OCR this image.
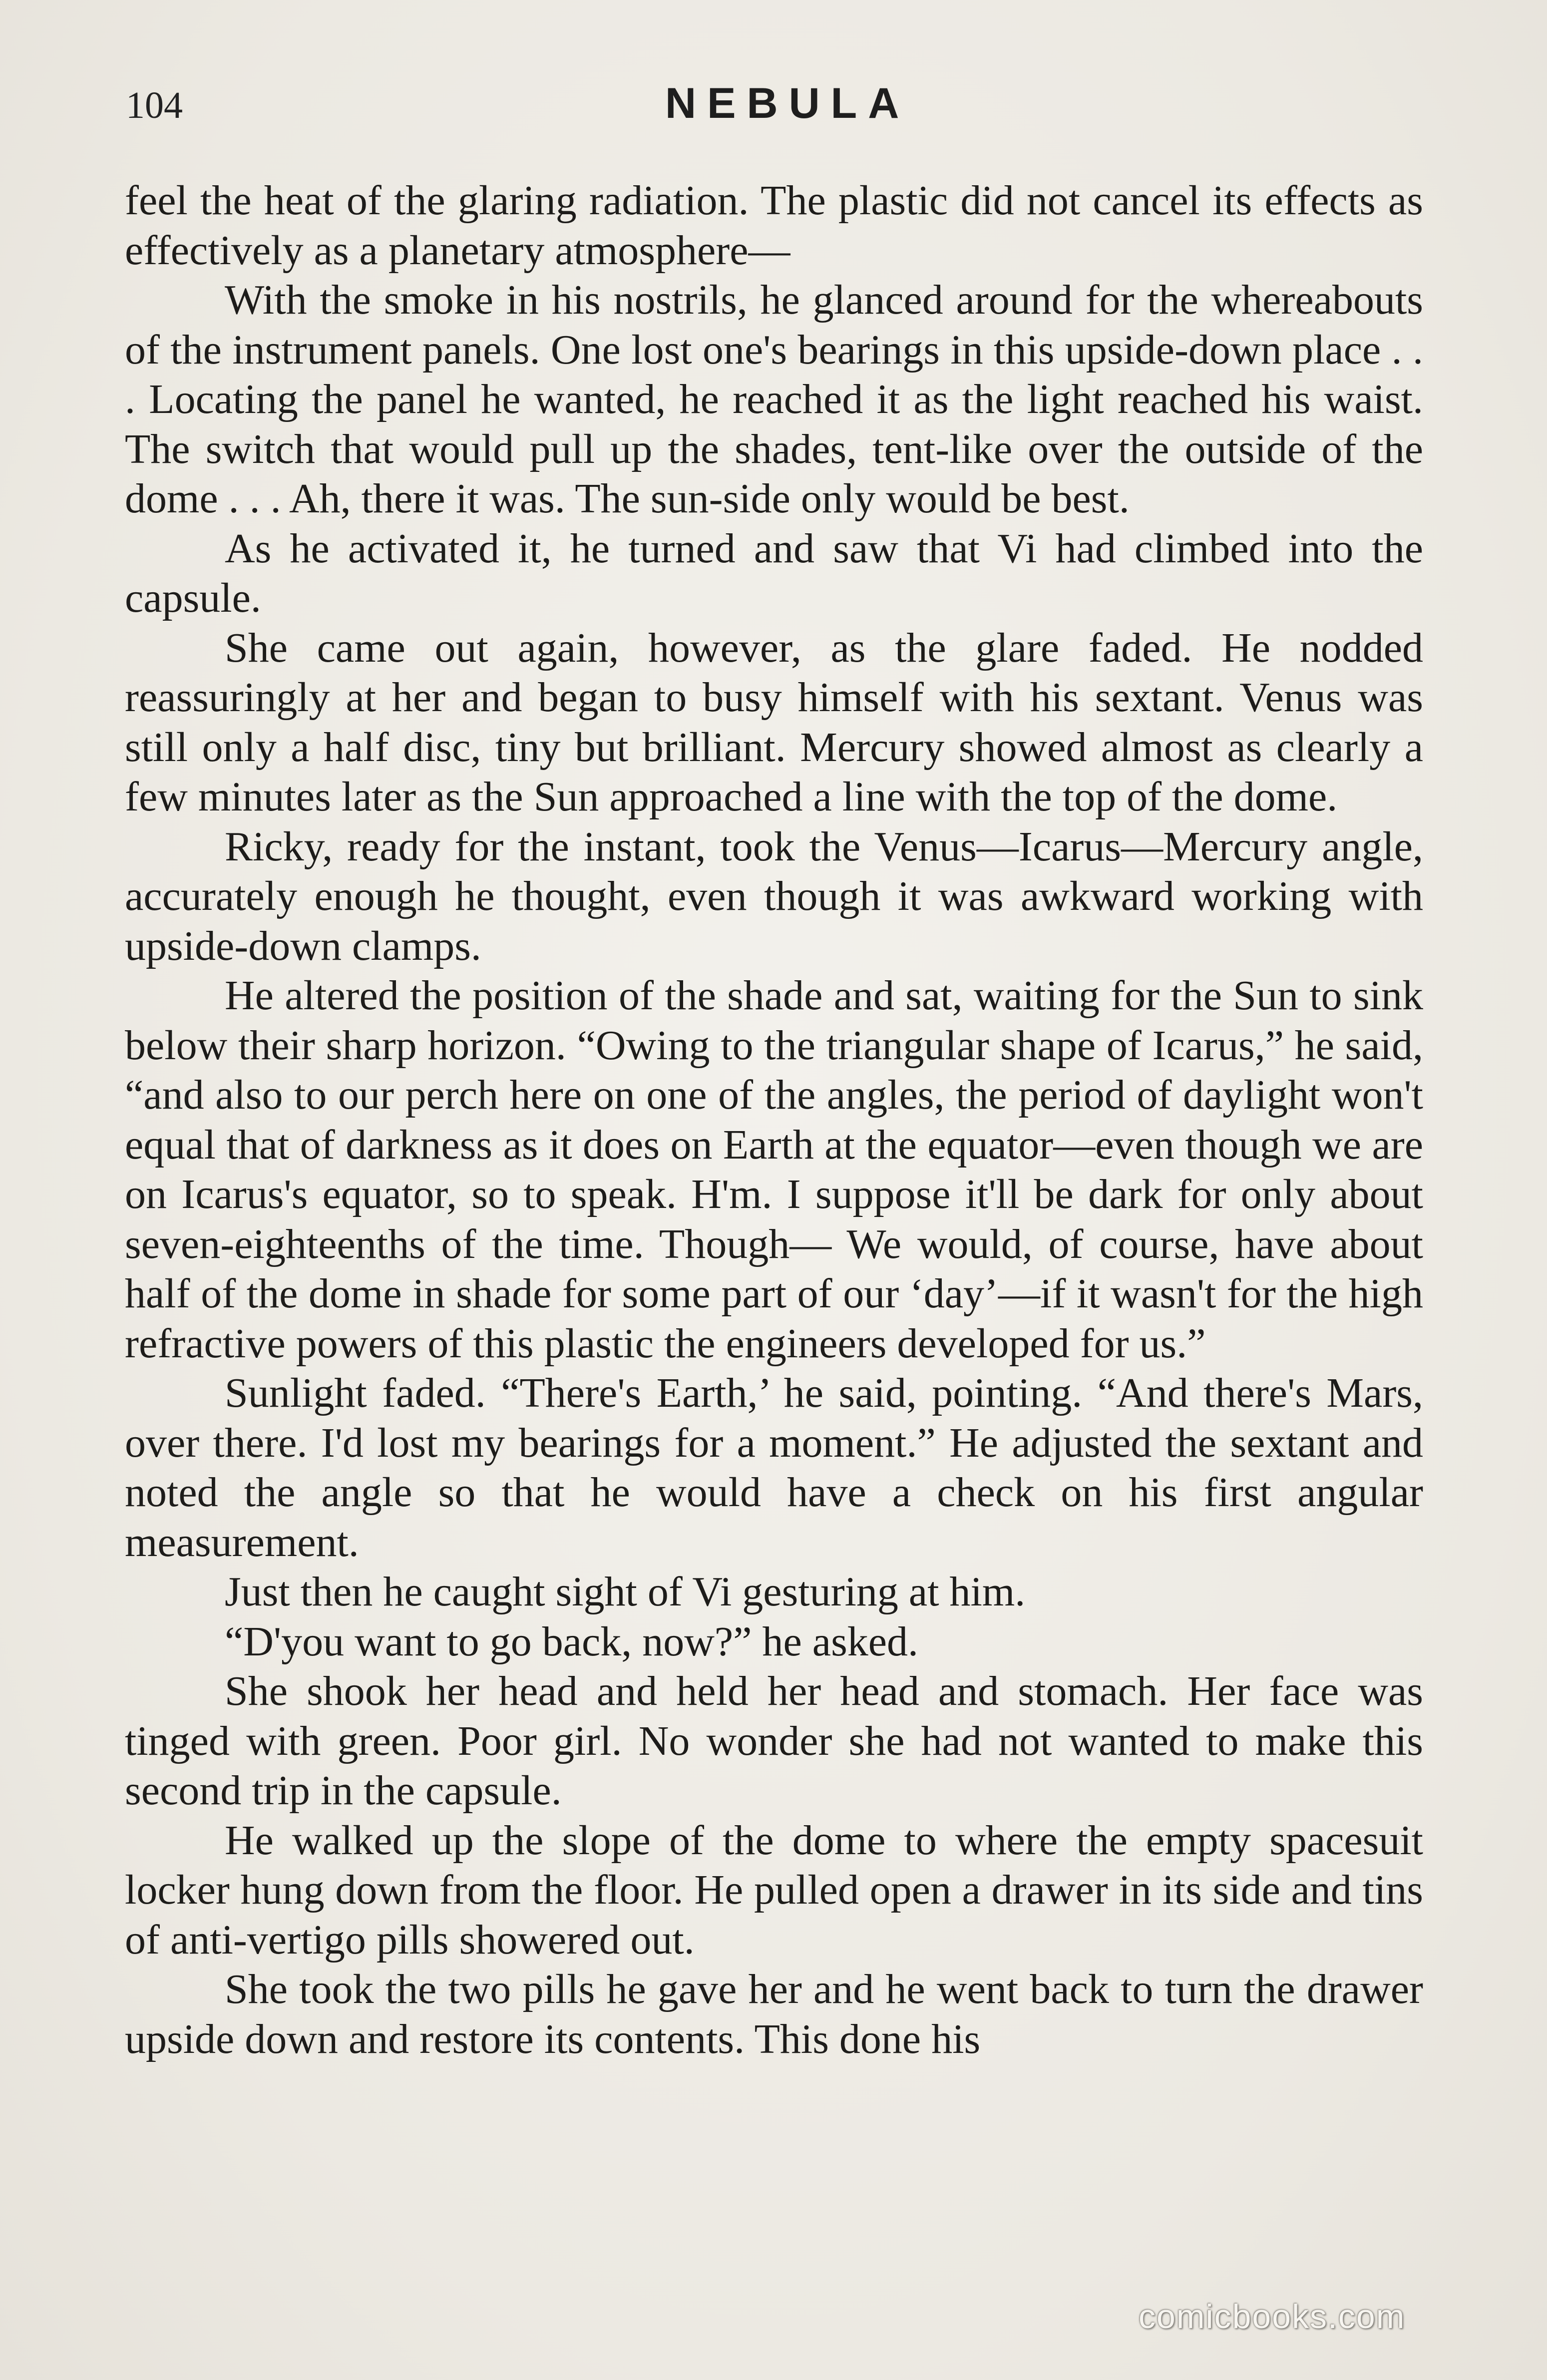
104	NEBULA

feel the heat of the glaring radiation. The plastic did not cancel its effects as effectively as a planetary atmosphere—

With the smoke in his nostrils, he glanced around for the whereabouts of the instrument panels. One lost one's bearings in this upside-down place . . . Locating the panel he wanted, he reached it as the light reached his waist. The switch that would pull up the shades, tent-like over the outside of the dome . . . Ah, there it was. The sun-side only would be best.

As he activated it, he turned and saw that Vi had climbed into the capsule.

She came out again, however, as the glare faded. He nodded reassuringly at her and began to busy himself with his sextant. Venus was still only a half disc, tiny but brilliant. Mercury showed almost as clearly a few minutes later as the Sun approached a line with the top of the dome.

Ricky, ready for the instant, took the Venus—Icarus—Mercury angle, accurately enough he thought, even though it was awkward working with upside-down clamps.

He altered the position of the shade and sat, waiting for the Sun to sink below their sharp horizon. “Owing to the triangular shape of Icarus,” he said, “and also to our perch here on one of the angles, the period of daylight won't equal that of darkness as it does on Earth at the equator—even though we are on Icarus's equator, so to speak. H'm. I suppose it'll be dark for only about seven-eighteenths of the time. Though— We would, of course, have about half of the dome in shade for some part of our ‘day’—if it wasn't for the high refractive powers of this plastic the engineers developed for us.”

Sunlight faded. “There's Earth,’ he said, pointing. “And there's Mars, over there. I'd lost my bearings for a moment.” He adjusted the sextant and noted the angle so that he would have a check on his first angular measurement.

Just then he caught sight of Vi gesturing at him.

“D'you want to go back, now?” he asked.

She shook her head and held her head and stomach. Her face was tinged with green. Poor girl. No wonder she had not wanted to make this second trip in the capsule.

He walked up the slope of the dome to where the empty spacesuit locker hung down from the floor. He pulled open a drawer in its side and tins of anti-vertigo pills showered out.

She took the two pills he gave her and he went back to turn the drawer upside down and restore its contents. This done his

comicbooks.com
